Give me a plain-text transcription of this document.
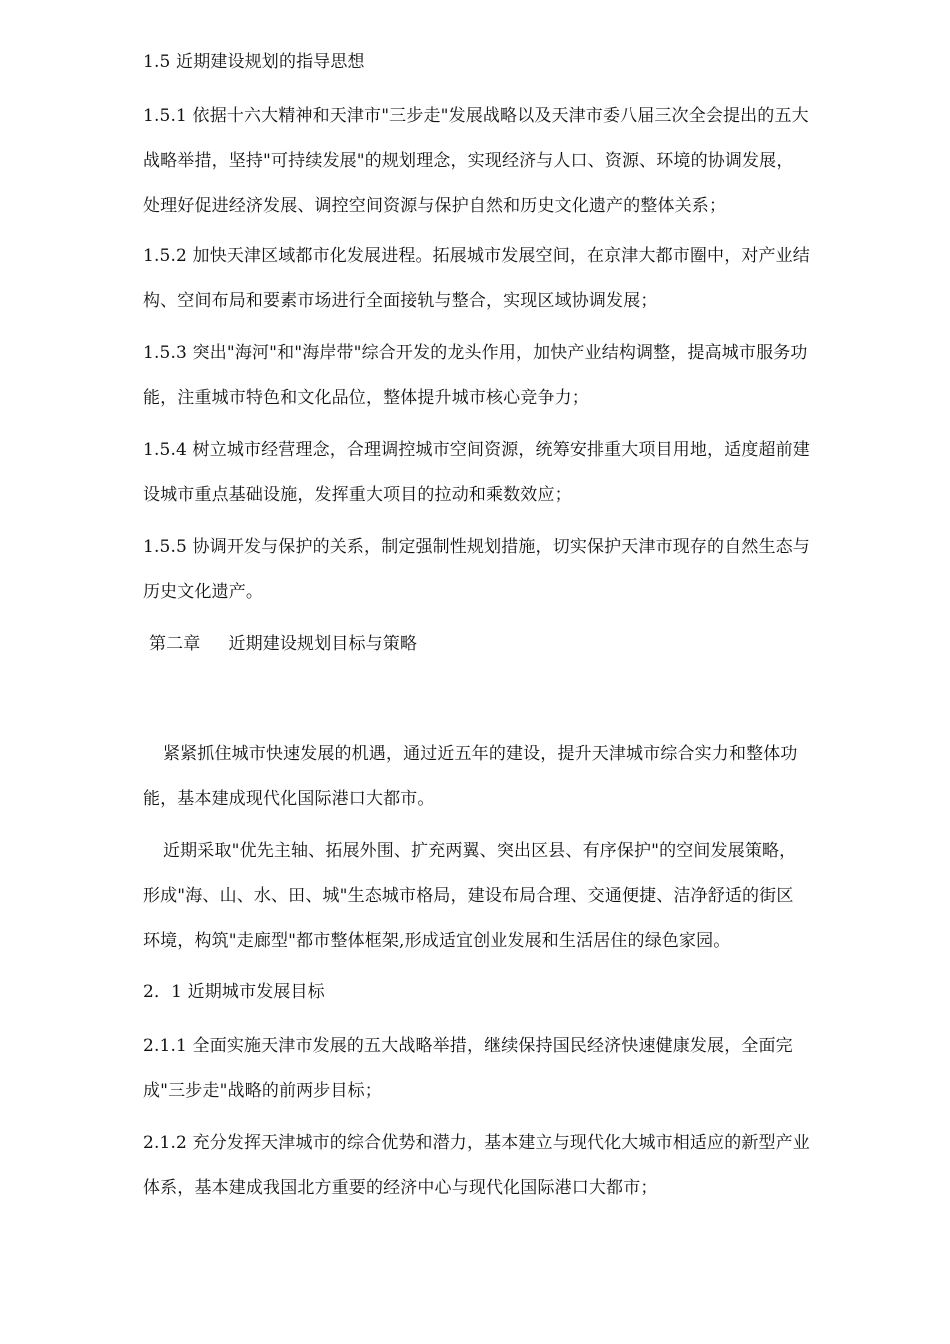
1.5 近期建设规划的指导思想

1.5.1 依据十六大精神和天津市"三步走"发展战略以及天津市委八届三次全会提出的五大
战略举措，坚持"可持续发展"的规划理念，实现经济与人口、资源、环境的协调发展，
处理好促进经济发展、调控空间资源与保护自然和历史文化遗产的整体关系；

1.5.2 加快天津区域都市化发展进程。拓展城市发展空间，在京津大都市圈中，对产业结
构、空间布局和要素市场进行全面接轨与整合，实现区域协调发展；

1.5.3 突出"海河"和"海岸带"综合开发的龙头作用，加快产业结构调整，提高城市服务功
能，注重城市特色和文化品位，整体提升城市核心竞争力；

1.5.4 树立城市经营理念，合理调控城市空间资源，统筹安排重大项目用地，适度超前建
设城市重点基础设施，发挥重大项目的拉动和乘数效应；

1.5.5 协调开发与保护的关系，制定强制性规划措施，切实保护天津市现存的自然生态与
历史文化遗产。

第二章 近期建设规划目标与策略

紧紧抓住城市快速发展的机遇，通过近五年的建设，提升天津城市综合实力和整体功
能，基本建成现代化国际港口大都市。

近期采取"优先主轴、拓展外围、扩充两翼、突出区县、有序保护"的空间发展策略，
形成"海、山、水、田、城"生态城市格局，建设布局合理、交通便捷、洁净舒适的街区
环境，构筑"走廊型"都市整体框架,形成适宜创业发展和生活居住的绿色家园。

2．1 近期城市发展目标

2.1.1 全面实施天津市发展的五大战略举措，继续保持国民经济快速健康发展，全面完
成"三步走"战略的前两步目标；

2.1.2 充分发挥天津城市的综合优势和潜力，基本建立与现代化大城市相适应的新型产业
体系，基本建成我国北方重要的经济中心与现代化国际港口大都市；
